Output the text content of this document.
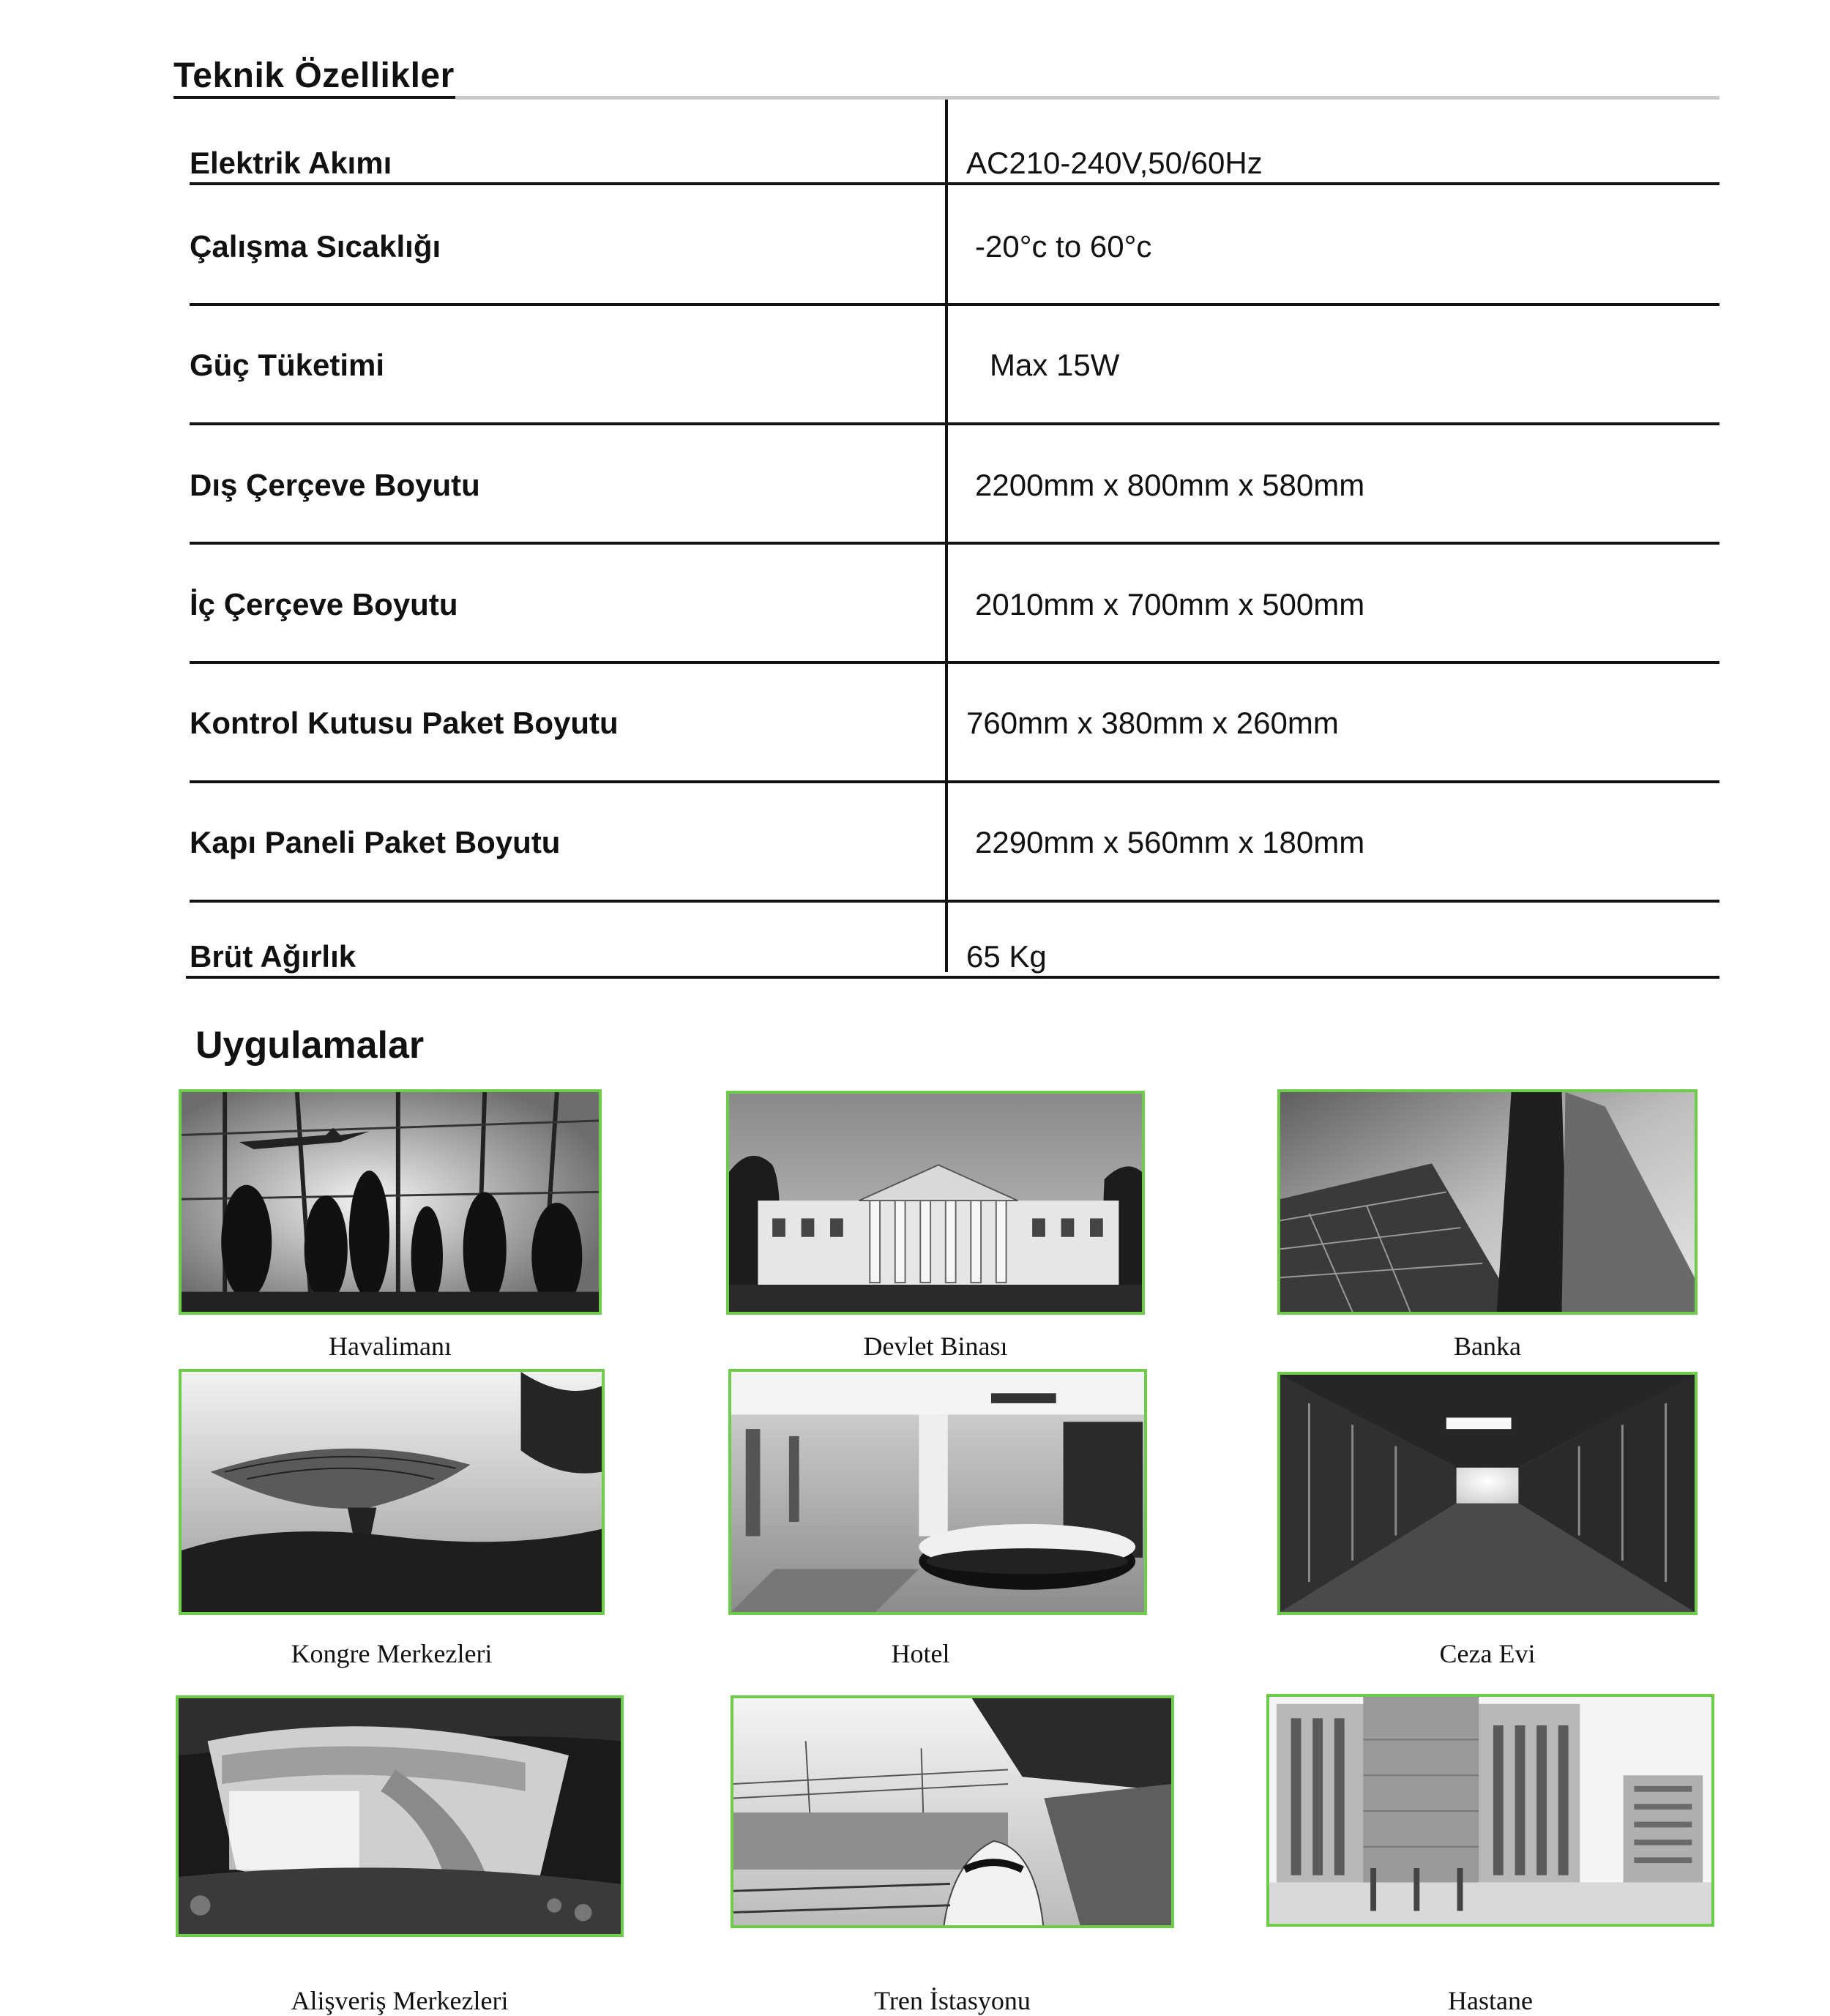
Teknik Özellikler
Elektrik Akımı	AC210-240V,50/60Hz
Çalışma Sıcaklığı	-20°c to 60°c
Güç Tüketimi	Max 15W
Dış Çerçeve Boyutu	2200mm x 800mm x 580mm
İç Çerçeve Boyutu	2010mm x 700mm x 500mm
Kontrol Kutusu Paket Boyutu	760mm x 380mm x 260mm
Kapı Paneli Paket Boyutu	2290mm x 560mm x 180mm
Brüt Ağırlık	65 Kg
Uygulamalar
Havalimanı	Devlet Binası	Banka
Kongre Merkezleri	Hotel	Ceza Evi
Alişveriş Merkezleri	Tren İstasyonu	Hastane
